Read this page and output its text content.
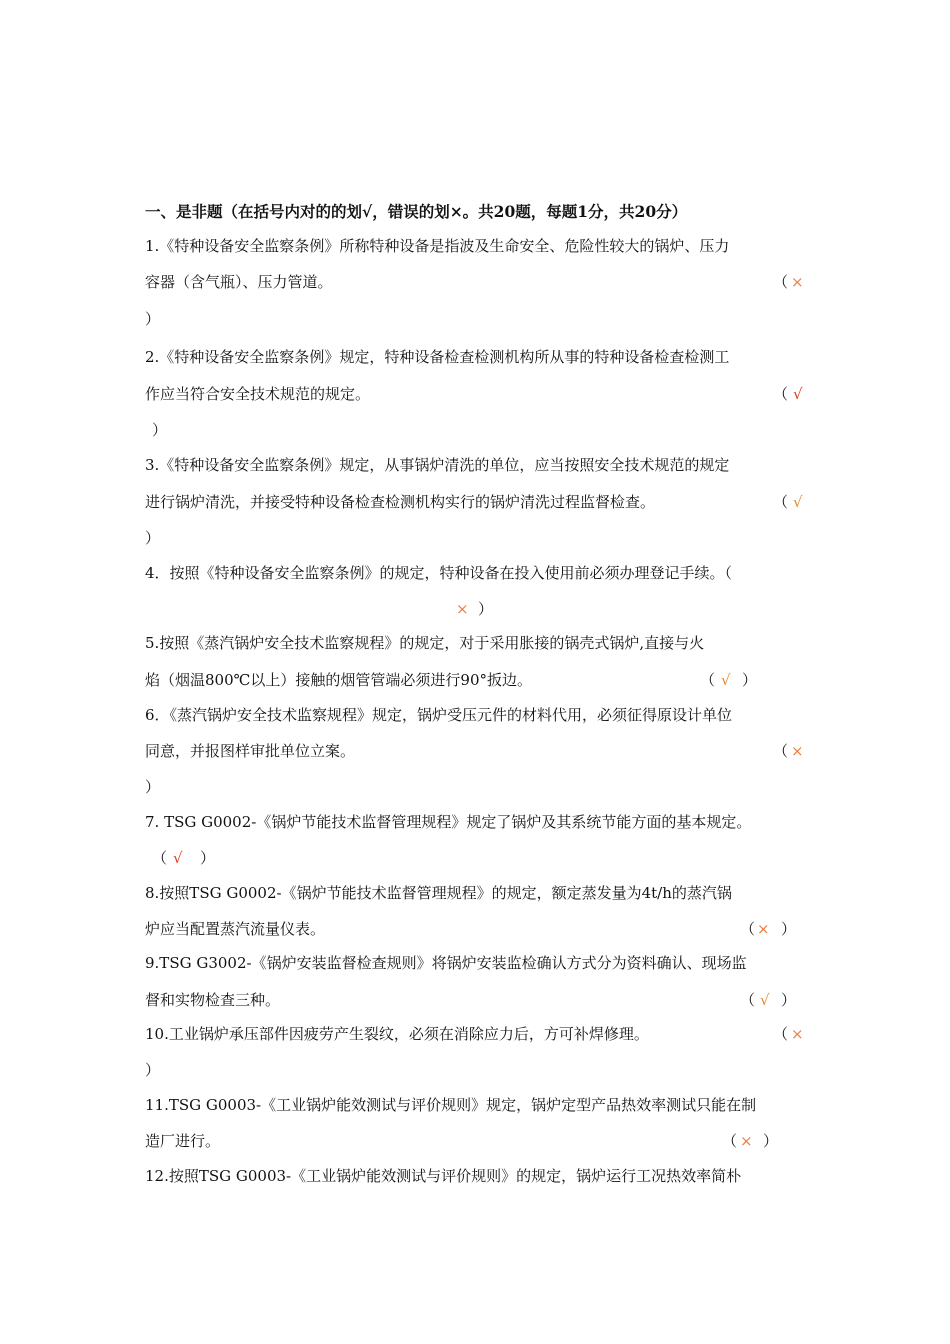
一、是非题（在括号内对的的划√，错误的划×。共20题，每题1分，共20分）
1.《特种设备安全监察条例》所称特种设备是指波及生命安全、危险性较大的锅炉、压力
容器（含气瓶）、压力管道。	（ ×
）
2.《特种设备安全监察条例》规定，特种设备检查检测机构所从事的特种设备检查检测工
作应当符合安全技术规范的规定。	（ √
）
3.《特种设备安全监察条例》规定，从事锅炉清洗的单位，应当按照安全技术规范的规定
进行锅炉清洗，并接受特种设备检查检测机构实行的锅炉清洗过程监督检查。	（ √
）
4．按照《特种设备安全监察条例》的规定，特种设备在投入使用前必须办理登记手续。（
× ）
5.按照《蒸汽锅炉安全技术监察规程》的规定，对于采用胀接的锅壳式锅炉,直接与火
焰（烟温800℃以上）接触的烟管管端必须进行90°扳边。	（ √ ）
6．《蒸汽锅炉安全技术监察规程》规定，锅炉受压元件的材料代用，必须征得原设计单位
同意，并报图样审批单位立案。	（ ×
）
7. TSG G0002-《锅炉节能技术监督管理规程》规定了锅炉及其系统节能方面的基本规定。
（ √ ）
8.按照TSG G0002-《锅炉节能技术监督管理规程》的规定，额定蒸发量为4t/h的蒸汽锅
炉应当配置蒸汽流量仪表。	（ × ）
9.TSG G3002-《锅炉安装监督检查规则》将锅炉安装监检确认方式分为资料确认、现场监
督和实物检查三种。	（ √ ）
10.工业锅炉承压部件因疲劳产生裂纹，必须在消除应力后，方可补焊修理。	（ ×
）
11.TSG G0003-《工业锅炉能效测试与评价规则》规定，锅炉定型产品热效率测试只能在制
造厂进行。	（ × ）
12.按照TSG G0003-《工业锅炉能效测试与评价规则》的规定，锅炉运行工况热效率简朴
